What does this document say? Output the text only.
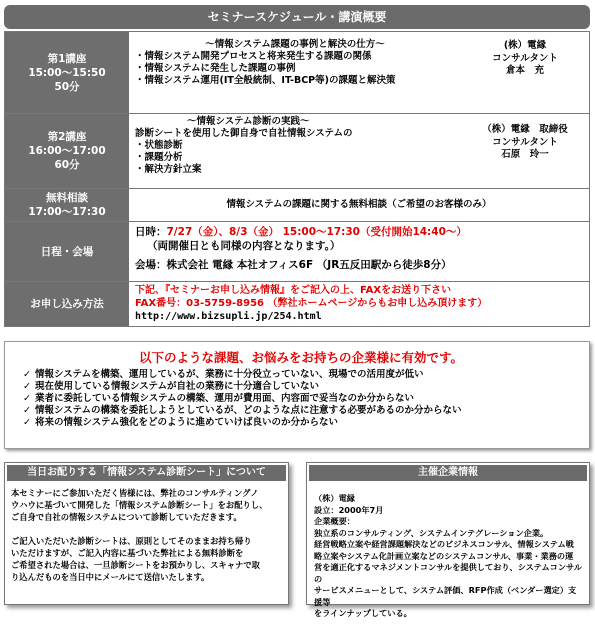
セミナースケジュール・講演概要
第1講座
15:00～15:50
50分
～情報システム課題の事例と解決の仕方～
・情報システム開発プロセスと将来発生する課題の関係
・情報システムに発生した課題の事例
・情報システム運用(IT全般統制、IT-BCP等)の課題と解決策
(株）電縁
コンサルタント
倉本　充
第2講座
16:00～17:00
60分
～情報システム診断の実践～
診断シートを使用した御自身で自社情報システムの
・状態診断
・課題分析
・解決方針立案
（株）電縁　取締役
コンサルタント
石原　玲一
無料相談
17:00～17:30
情報システムの課題に関する無料相談（ご希望のお客様のみ）
日程・会場
日時：7/27（金）、8/3（金） 15:00～17:30（受付開始14:40～）
（両開催日とも同様の内容となります。）
会場：株式会社 電縁 本社オフィス6F （JR五反田駅から徒歩8分）
お申し込み方法
下記、『セミナーお申し込み情報』をご記入の上、FAXをお送り下さい
FAX番号：03-5759-8956 （弊社ホームページからもお申し込み頂けます）
http://www.bizsupli.jp/254.html
以下のような課題、お悩みをお持ちの企業様に有効です。
✓ 情報システムを構築、運用しているが、業務に十分役立っていない、現場での活用度が低い
✓ 現在使用している情報システムが自社の業務に十分適合していない
✓ 業者に委託している情報システムの構築、運用が費用面、内容面で妥当なのか分からない
✓ 情報システムの構築を委託しようとしているが、どのような点に注意する必要があるのか分からない
✓ 将来の情報システム強化をどのように進めていけば良いのか分からない
当日お配りする「情報システム診断シート」について

本セミナーにご参加いただく皆様には、弊社のコンサルティングノ
ウハウに基づいて開発した「情報システム診断シート」をお配りし、
ご自身で自社の情報システムについて診断していただきます。

ご記入いただいた診断シートは、原則としてそのままお持ち帰り
いただけますが、ご記入内容に基づいた弊社による無料診断を
ご希望された場合は、一旦診断シートをお預かりし、スキャナで取
り込んだものを当日中にメールにて送信いたします。

主催企業情報
（株）電縁
設立：2000年7月
企業概要：
独立系のコンサルティング、システムインテグレーション企業。
経営戦略立案や経営課題解決などのビジネスコンサル、情報システム戦
略立案やシステム化計画立案などのシステムコンサル、事業・業務の運
営を適正化するマネジメントコンサルを提供しており、システムコンサルの
サービスメニューとして、システム評価、RFP作成（ベンダー選定）支援等
をラインナップしている。
